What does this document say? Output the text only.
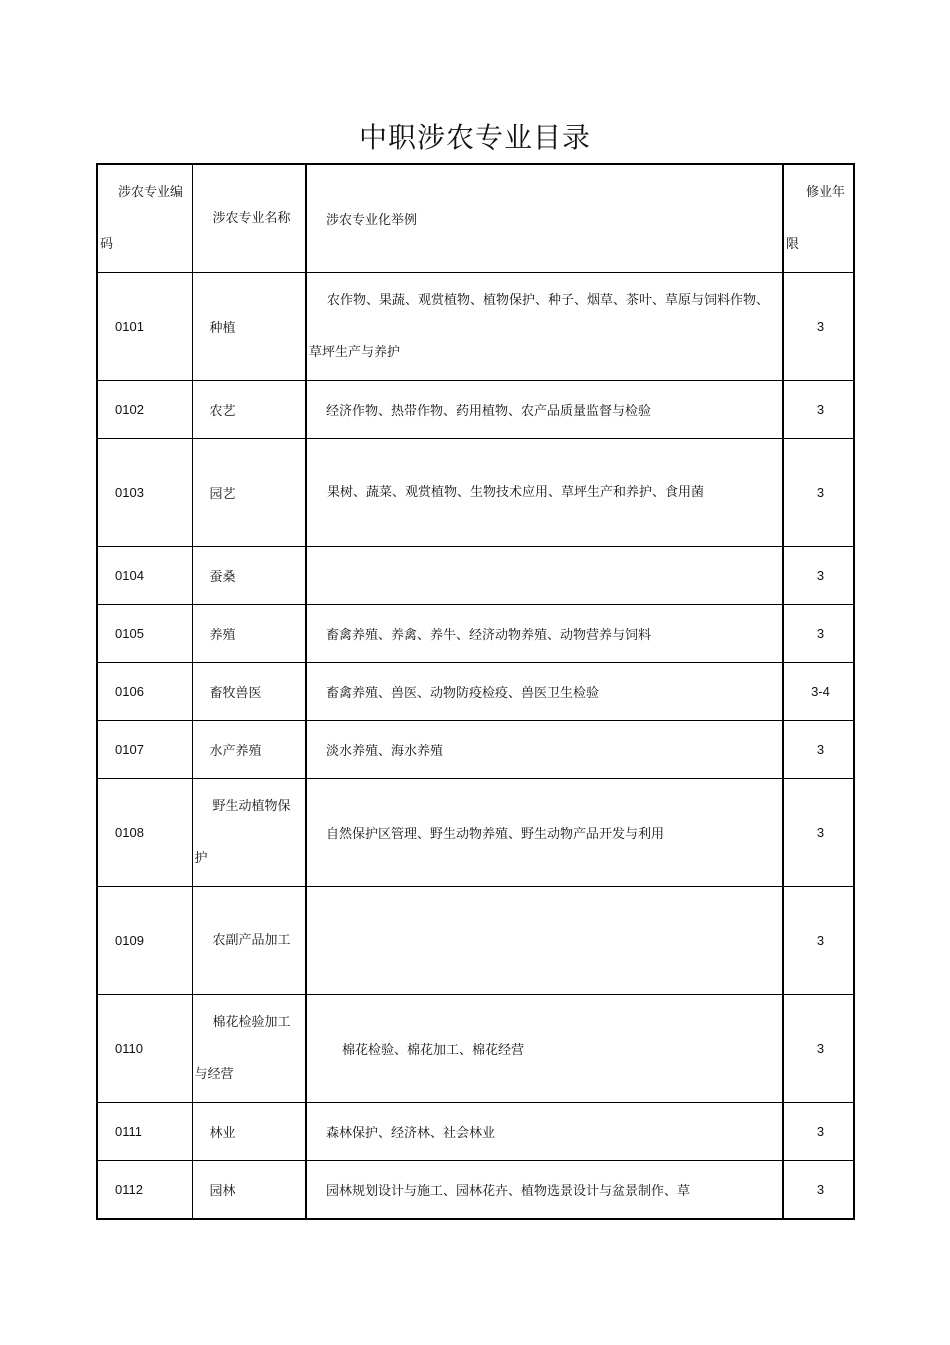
中职涉农专业目录
涉农专业编码	涉农专业名称	涉农专业化举例	修业年限

0101	种植	农作物、果蔬、观赏植物、植物保护、种子、烟草、茶叶、草原与饲料作物、草坪生产与养护	3

0102	农艺	经济作物、热带作物、药用植物、农产品质量监督与检验	3

0103	园艺	果树、蔬菜、观赏植物、生物技术应用、草坪生产和养护、食用菌	3

0104	蚕桑		3

0105	养殖	畜禽养殖、养禽、养牛、经济动物养殖、动物营养与饲料	3

0106	畜牧兽医	畜禽养殖、兽医、动物防疫检疫、兽医卫生检验	3-4

0107	水产养殖	淡水养殖、海水养殖	3

0108	野生动植物保护	自然保护区管理、野生动物养殖、野生动物产品开发与利用	3

0109	农副产品加工		3

0110	棉花检验加工与经营	棉花检验、棉花加工、棉花经营	3

0111	林业	森林保护、经济林、社会林业	3

0112	园林	园林规划设计与施工、园林花卉、植物选景设计与盆景制作、草	3
